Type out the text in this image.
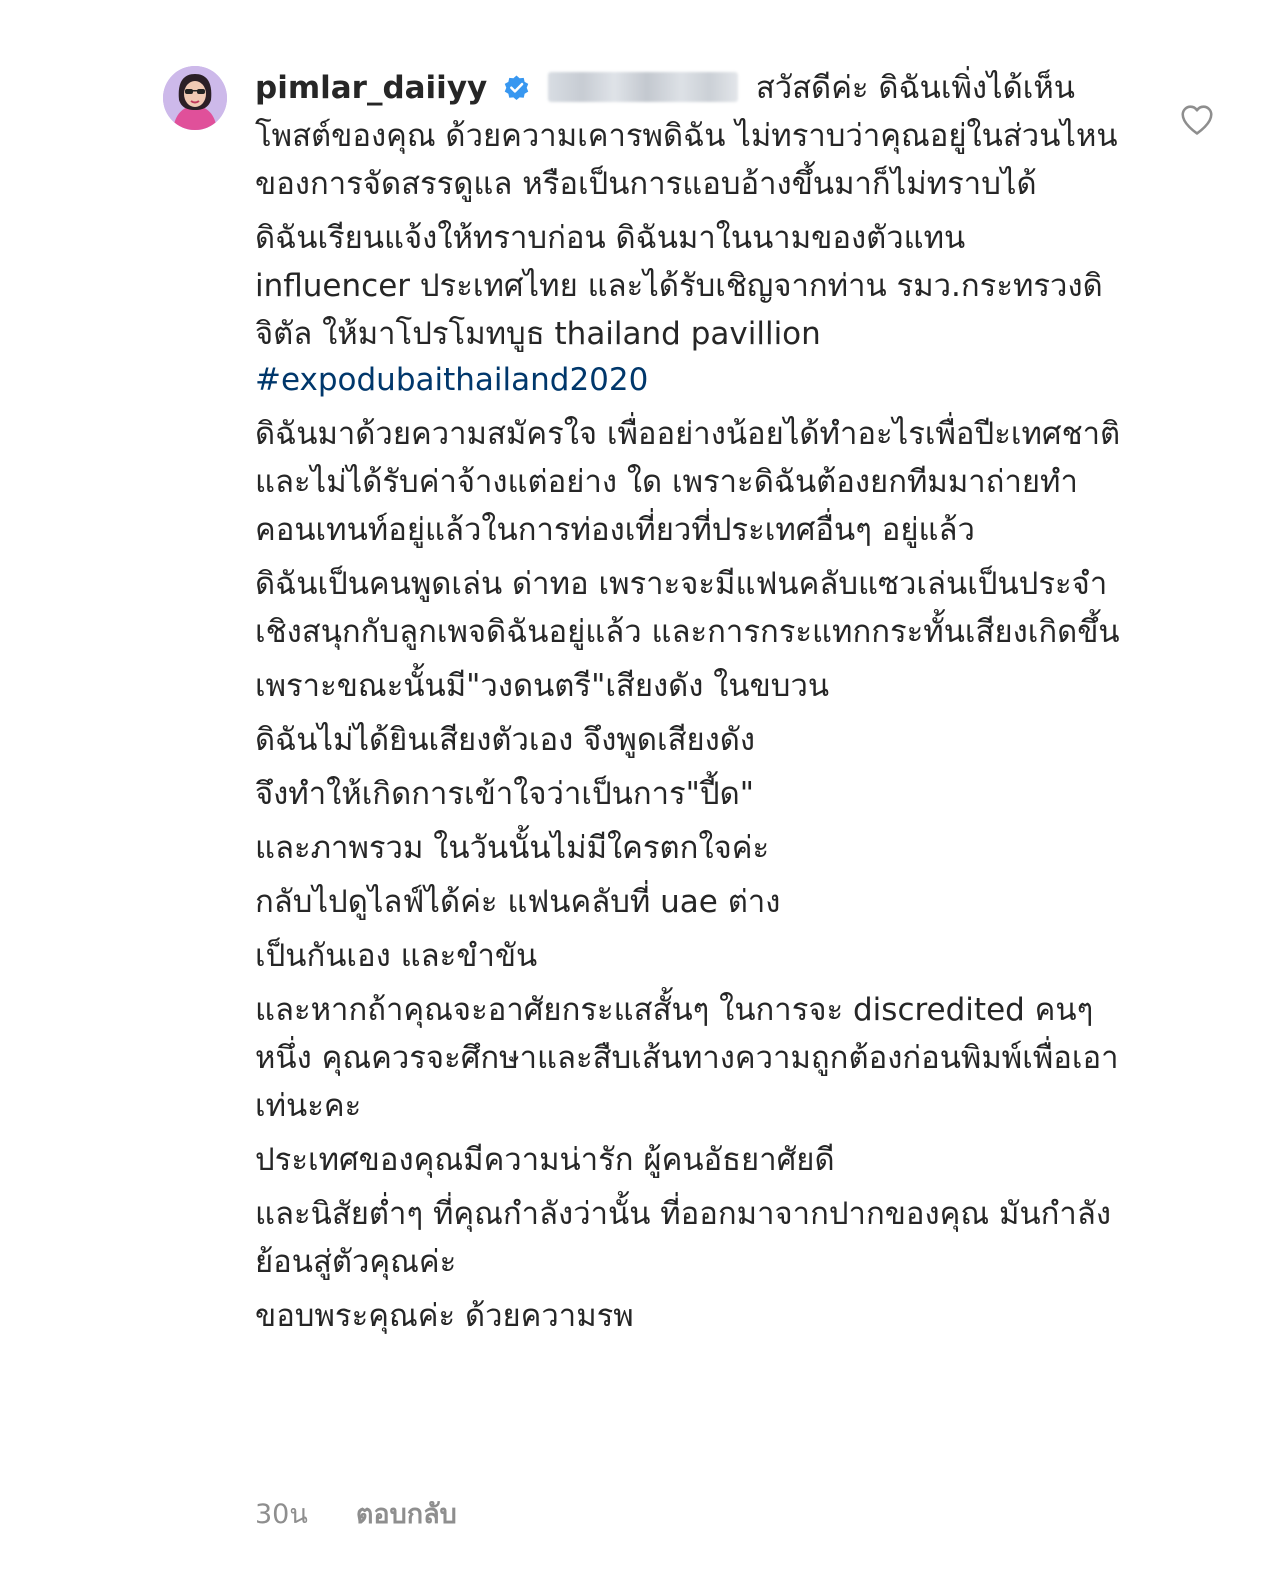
pimlar_daiiyy	สวัสดีค่ะ ดิฉันเพิ่งได้เห็นโพสต์ของคุณ ด้วยความเคารพดิฉัน ไม่ทราบว่าคุณอยู่ในส่วนไหนของการจัดสรรดูแล หรือเป็นการแอบอ้างขึ้นมาก็ไม่ทราบได้
ดิฉันเรียนแจ้งให้ทราบก่อน ดิฉันมาในนามของตัวแทน influencer ประเทศไทย และได้รับเชิญจากท่าน รมว.กระทรวงดิจิตัล ให้มาโปรโมทบูธ thailand pavillion
#expodubaithailand2020
ดิฉันมาด้วยความสมัครใจ เพื่ออย่างน้อยได้ทำอะไรเพื่อปีะเทศชาติ และไม่ได้รับค่าจ้างแต่อย่าง ใด เพราะดิฉันต้องยกทีมมาถ่ายทำคอนเทนท์อยู่แล้วในการท่องเที่ยวที่ประเทศอื่นๆ อยู่แล้ว
ดิฉันเป็นคนพูดเล่น ด่าทอ เพราะจะมีแฟนคลับแซวเล่นเป็นประจำ เชิงสนุกกับลูกเพจดิฉันอยู่แล้ว และการกระแทกกระทั้นเสียงเกิดขึ้น
เพราะขณะนั้นมี"วงดนตรี"เสียงดัง ในขบวน
ดิฉันไม่ได้ยินเสียงตัวเอง จึงพูดเสียงดัง
จึงทำให้เกิดการเข้าใจว่าเป็นการ"ปี้ด"
และภาพรวม ในวันนั้นไม่มีใครตกใจค่ะ
กลับไปดูไลฟ์ได้ค่ะ แฟนคลับที่ uae ต่าง
เป็นกันเอง และขำขัน
และหากถ้าคุณจะอาศัยกระแสสั้นๆ ในการจะ discredited คนๆหนึ่ง คุณควรจะศึกษาและสืบเส้นทางความถูกต้องก่อนพิมพ์เพื่อเอาเท่นะคะ
ประเทศของคุณมีความน่ารัก ผู้คนอัธยาศัยดี
และนิสัยต่ำๆ ที่คุณกำลังว่านั้น ที่ออกมาจากปากของคุณ มันกำลังย้อนสู่ตัวคุณค่ะ
ขอบพระคุณค่ะ ด้วยความรพ
30น ตอบกลับ
